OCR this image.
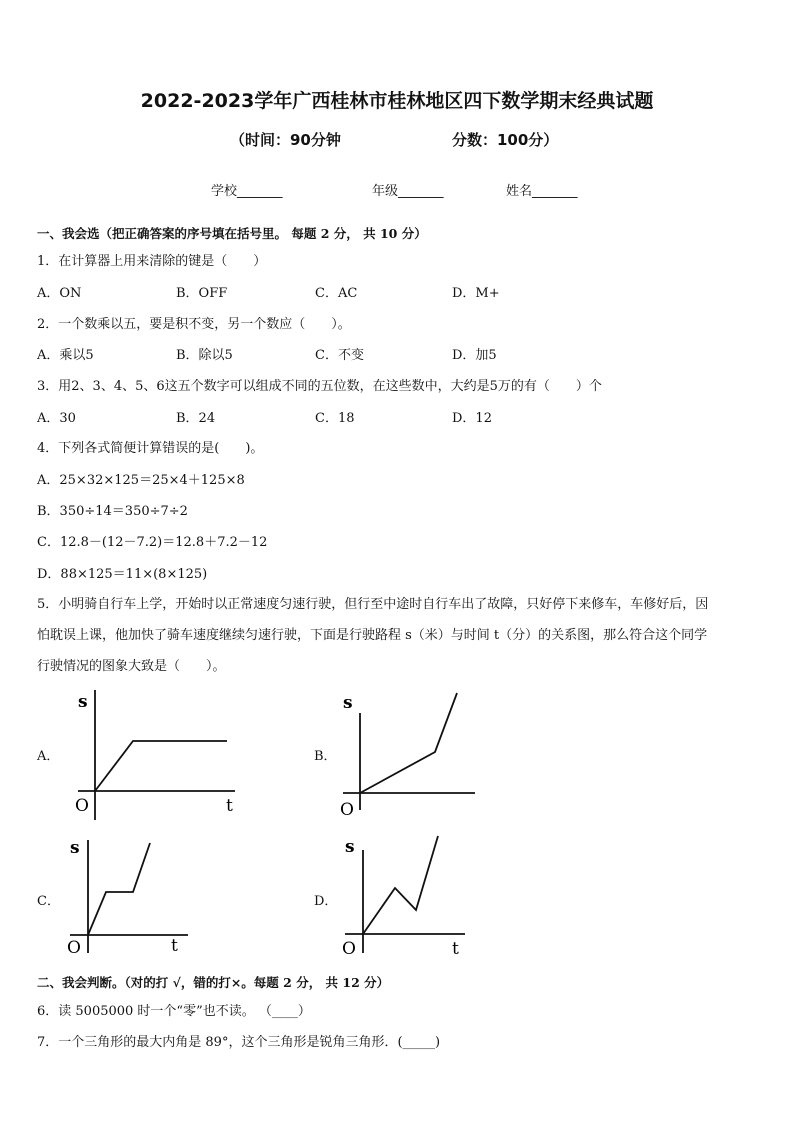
2022-2023学年广西桂林市桂林地区四下数学期末经典试题
（时间：90分钟	分数：100分）
学校_______	年级_______	姓名_______
一、我会选（把正确答案的序号填在括号里。 每题 2 分， 共 10 分）
1．在计算器上用来清除的键是（　　）
A．ON	B．OFF	C．AC	D．M+
2．一个数乘以五，要是积不变，另一个数应（　　）。
A．乘以5	B．除以5	C．不变	D．加5
3．用2、3、4、5、6这五个数字可以组成不同的五位数，在这些数中，大约是5万的有（　　）个
A．30	B．24	C．18	D．12
4．下列各式简便计算错误的是(　　)。
A．25×32×125＝25×4＋125×8
B．350÷14＝350÷7÷2
C．12.8－(12－7.2)＝12.8＋7.2－12
D．88×125＝11×(8×125)
5．小明骑自行车上学，开始时以正常速度匀速行驶，但行至中途时自行车出了故障，只好停下来修车，车修好后，因
怕耽误上课，他加快了骑车速度继续匀速行驶，下面是行驶路程 s（米）与时间 t（分）的关系图，那么符合这个同学
行驶情况的图象大致是（　　）。
A．	B．
C．	D．
s
O	t
s
O
s
O	t
s
O	t
二、我会判断。（对的打 √，错的打×。每题 2 分， 共 12 分）
6．读 5005000 时一个“零”也不读。 （____）
7．一个三角形的最大内角是 89°，这个三角形是锐角三角形．(_____)
